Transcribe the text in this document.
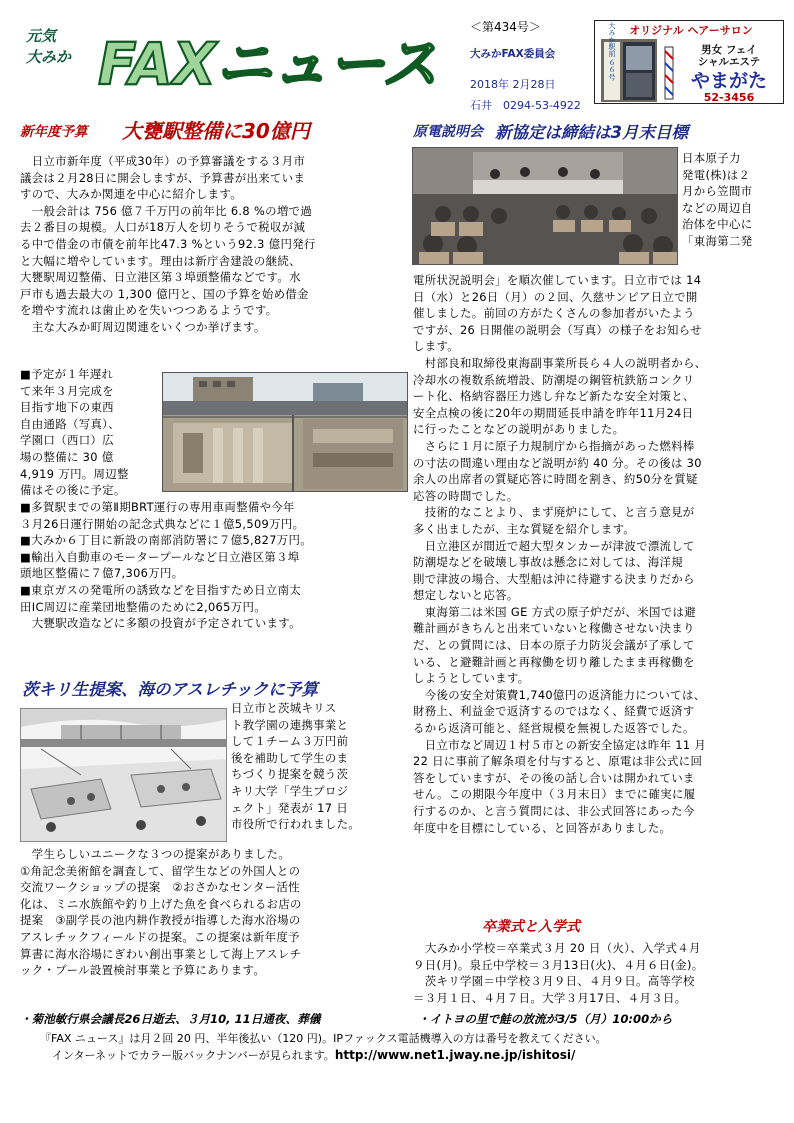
元気
大みか FAXニュース
＜第434号＞
大みかFAX委員会
2018年 2月28日
石井　0294-53-4922
オリジナル ヘアーサロン
大みか駅前 ６６号	男女 フェイ
シャルエステ
やまがた
52-3456
新年度予算 大甕駅整備に30億円

　日立市新年度（平成30年）の予算審議をする３月市

議会は２月28日に開会しますが、予算書が出来ていま

すので、大みか関連を中心に紹介します。

　一般会計は 756 億７千万円の前年比 6.8 %の増で過

去２番目の規模。人口が18万人を切りそうで税収が減

る中で借金の市債を前年比47.3 %という92.3 億円発行

と大幅に増やしています。理由は新庁舎建設の継続、

大甕駅周辺整備、日立港区第３埠頭整備などです。水

戸市も過去最大の 1,300 億円と、国の予算を始め借金

を増やす流れは歯止めを失いつつあるようです。

　主な大みか町周辺関連をいくつか挙げます。

■予定が１年遅れ

て来年３月完成を

目指す地下の東西

自由通路（写真）、

学園口（西口）広

場の整備に 30 億

4,919 万円。周辺整

備はその後に予定。

■多賀駅までの第Ⅱ期BRT運行の専用車両整備や今年

３月26日運行開始の記念式典などに１億5,509万円。

■大みか６丁目に新設の南部消防署に７億5,827万円。

■輸出入自動車のモータープールなど日立港区第３埠

頭地区整備に７億7,306万円。

■東京ガスの発電所の誘致などを目指すため日立南太

田IC周辺に産業団地整備のために2,065万円。

　大甕駅改造などに多額の投資が予定されています。

茨キリ生提案、海のアスレチックに予算

日立市と茨城キリス

ト教学園の連携事業と

して１チーム３万円前

後を補助して学生のま

ちづくり提案を競う茨

キリ大学「学生プロジ

ェクト」発表が 17 日

市役所で行われました。

　学生らしいユニークな３つの提案がありました。

①角記念美術館を調査して、留学生などの外国人との

交流ワークショップの提案　②おさかなセンター活性

化は、ミニ水族館や釣り上げた魚を食べられるお店の

提案　③副学長の池内耕作教授が指導した海水浴場の

アスレチックフィールドの提案。この提案は新年度予

算書に海水浴場にぎわい創出事業として海上アスレチ

ック・プール設置検討事業と予算にあります。

原電説明会 新協定は締結は3月末目標

日本原子力

発電(株)は２

月から笠間市

などの周辺自

治体を中心に

「東海第二発

電所状況説明会」を順次催しています。日立市では 14

日（水）と26日（月）の２回、久慈サンピア日立で開

催しました。前回の方がたくさんの参加者がいたよう

ですが、26 日開催の説明会（写真）の様子をお知らせ

します。

　村部良和取締役東海副事業所長ら４人の説明者から、

冷却水の複数系統増設、防潮堤の鋼管杭鉄筋コンクリ

ート化、格納容器圧力逃し弁など新たな安全対策と、

安全点検の後に20年の期間延長申請を昨年11月24日

に行ったことなどの説明がありました。

　さらに１月に原子力規制庁から指摘があった燃料棒

の寸法の間違い理由など説明が約 40 分。その後は 30

余人の出席者の質疑応答に時間を割き、約50分を質疑

応答の時間でした。

　技術的なことより、まず廃炉にして、と言う意見が

多く出ましたが、主な質疑を紹介します。

　日立港区が間近で超大型タンカーが津波で漂流して

防潮堤などを破壊し事故は懸念に対しては、海洋規

則で津波の場合、大型船は沖に待避する決まりだから

想定しないと応答。

　東海第二は米国 GE 方式の原子炉だが、米国では避

難計画がきちんと出来ていないと稼働させない決まり

だ、との質問には、日本の原子力防災会議が了承して

いる、と避難計画と再稼働を切り離したまま再稼働を

しようとしています。

　今後の安全対策費1,740億円の返済能力については、

財務上、利益金で返済するのではなく、経費で返済す

るから返済可能と、経営規模を無視した返答でした。

　日立市など周辺１村５市との新安全協定は昨年 11 月

22 日に事前了解条項を付与すると、原電は非公式に回

答をしていますが、その後の話し合いは開かれていま

せん。この期限今年度中（３月末日）までに確実に履

行するのか、と言う質問には、非公式回答にあった今

年度中を目標にしている、と回答がありました。

卒業式と入学式

大みか小学校＝卒業式３月 20 日（火）、入学式４月

９日(月)。泉丘中学校＝３月13日(火)、４月６日(金)。

　茨キリ学園＝中学校３月９日、４月９日。高等学校

＝３月１日、４月７日。大学３月17日、４月３日。

・菊池敏行県会議長26日逝去、３月10, 11日通夜、葬儀	・イトヨの里で鮭の放流が3/5（月）10:00から
『FAX ニュース』は月２回 20 円、半年後払い（120 円)。IPファックス電話機導入の方は番号を教えてください。
インターネットでカラー版バックナンバーが見られます。http://www.net1.jway.ne.jp/ishitosi/
